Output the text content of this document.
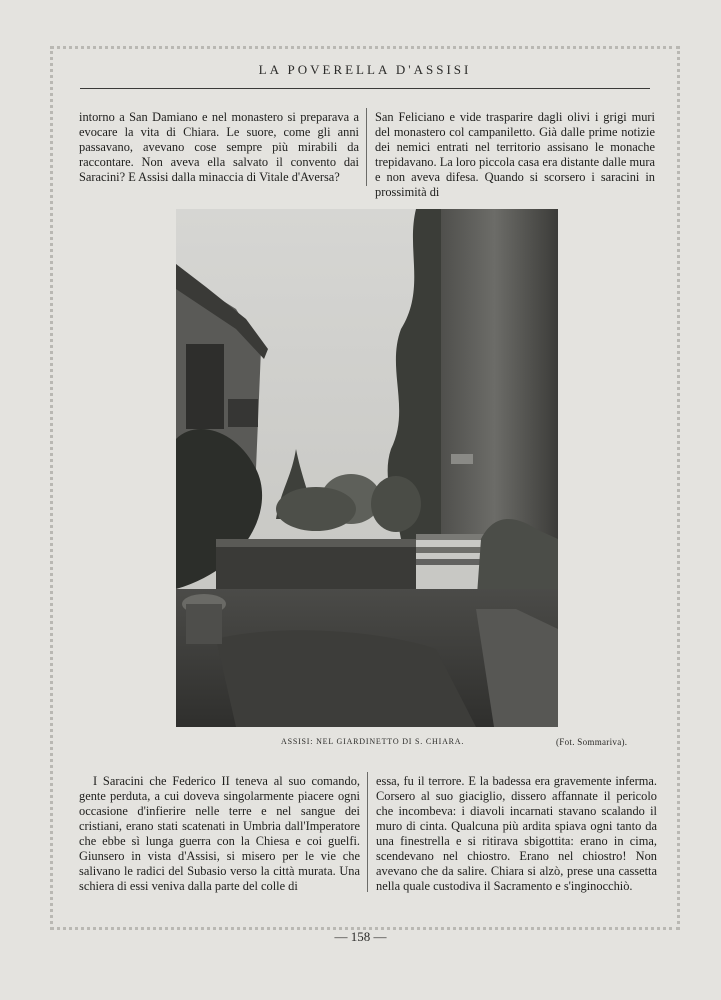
LA POVERELLA D'ASSISI

intorno a San Damiano e nel monastero si preparava a evocare la vita di Chiara. Le suore, come gli anni passavano, avevano cose sempre più mirabili da raccontare. Non aveva ella salvato il convento dai Saracini? E Assisi dalla minaccia di Vitale d'Aversa?

San Feliciano e vide trasparire dagli olivi i grigi muri del monastero col campaniletto. Già dalle prime notizie dei nemici entrati nel territorio assisano le monache trepidavano. La loro piccola casa era distante dalle mura e non aveva difesa. Quando si scorsero i saracini in prossimità di

ASSISI: NEL GIARDINETTO DI S. CHIARA.	(Fot. Sommariva).

I Saracini che Federico II teneva al suo comando, gente perduta, a cui doveva singolarmente piacere ogni occasione d'infierire nelle terre e nel sangue dei cristiani, erano stati scatenati in Umbria dall'Imperatore che ebbe sì lunga guerra con la Chiesa e coi guelfi. Giunsero in vista d'Assisi, si misero per le vie che salivano le radici del Subasio verso la città murata. Una schiera di essi veniva dalla parte del colle di

essa, fu il terrore. E la badessa era gravemente inferma. Corsero al suo giaciglio, dissero affannate il pericolo che incombeva: i diavoli incarnati stavano scalando il muro di cinta. Qualcuna più ardita spiava ogni tanto da una finestrella e si ritirava sbigottita: erano in cima, scendevano nel chiostro. Erano nel chiostro! Non avevano che da salire. Chiara si alzò, prese una cassetta nella quale custodiva il Sacramento e s'inginocchiò.

— 158 —
